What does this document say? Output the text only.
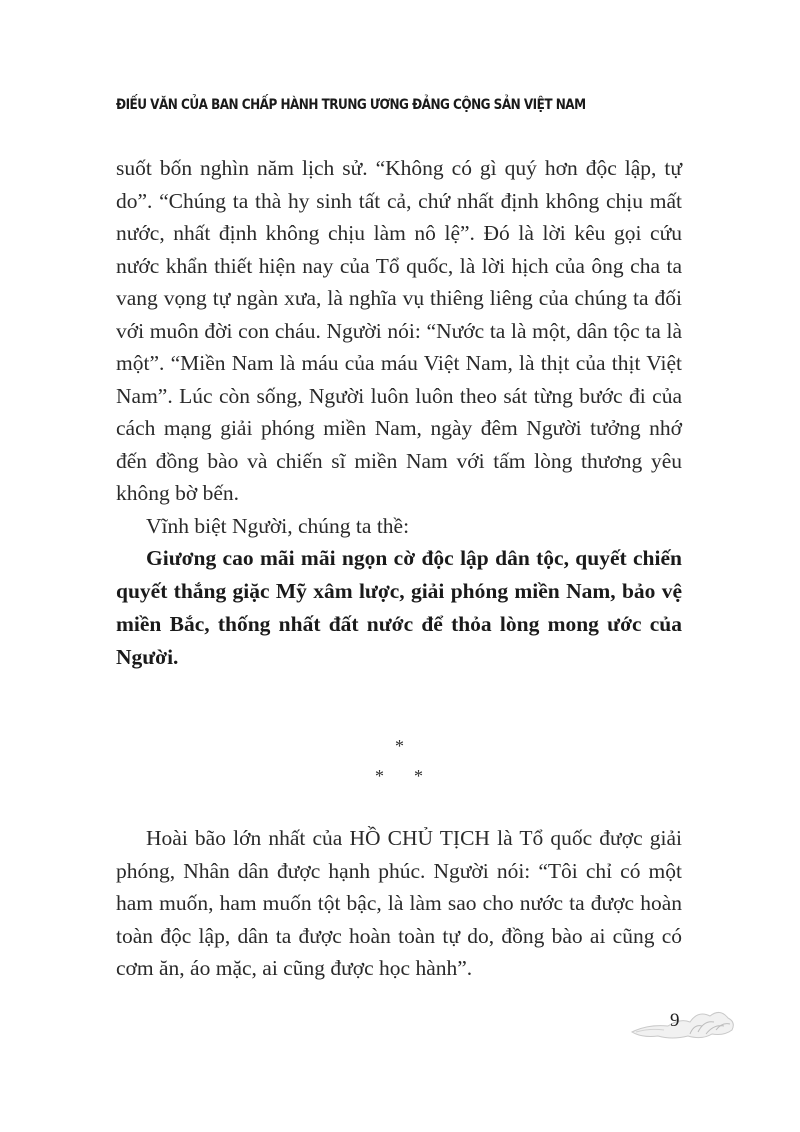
ĐIẾU VĂN CỦA BAN CHẤP HÀNH TRUNG ƯƠNG ĐẢNG CỘNG SẢN VIỆT NAM

suốt bốn nghìn năm lịch sử. “Không có gì quý hơn độc lập, tự do”. “Chúng ta thà hy sinh tất cả, chứ nhất định không chịu mất nước, nhất định không chịu làm nô lệ”. Đó là lời kêu gọi cứu nước khẩn thiết hiện nay của Tổ quốc, là lời hịch của ông cha ta vang vọng tự ngàn xưa, là nghĩa vụ thiêng liêng của chúng ta đối với muôn đời con cháu. Người nói: “Nước ta là một, dân tộc ta là một”. “Miền Nam là máu của máu Việt Nam, là thịt của thịt Việt Nam”. Lúc còn sống, Người luôn luôn theo sát từng bước đi của cách mạng giải phóng miền Nam, ngày đêm Người tưởng nhớ đến đồng bào và chiến sĩ miền Nam với tấm lòng thương yêu không bờ bến.

Vĩnh biệt Người, chúng ta thề:

Giương cao mãi mãi ngọn cờ độc lập dân tộc, quyết chiến quyết thắng giặc Mỹ xâm lược, giải phóng miền Nam, bảo vệ miền Bắc, thống nhất đất nước để thỏa lòng mong ước của Người.

*
* *

Hoài bão lớn nhất của HỒ CHỦ TỊCH là Tổ quốc được giải phóng, Nhân dân được hạnh phúc. Người nói: “Tôi chỉ có một ham muốn, ham muốn tột bậc, là làm sao cho nước ta được hoàn toàn độc lập, dân ta được hoàn toàn tự do, đồng bào ai cũng có cơm ăn, áo mặc, ai cũng được học hành”.

9
